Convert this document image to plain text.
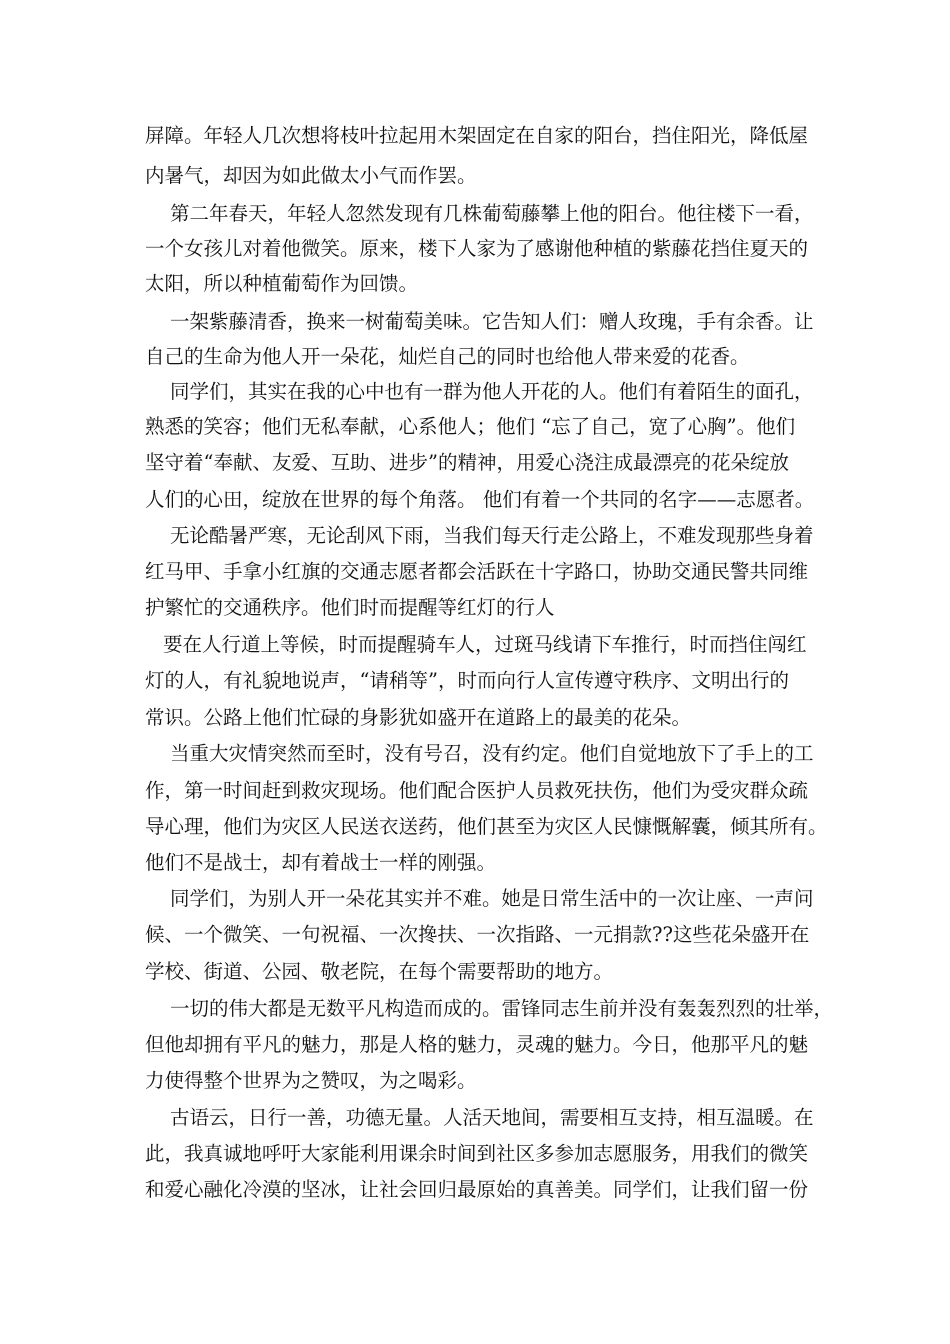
屏障。年轻人几次想将枝叶拉起用木架固定在自家的阳台，挡住阳光，降低屋

内暑气，却因为如此做太小气而作罢。

第二年春天，年轻人忽然发现有几株葡萄藤攀上他的阳台。他往楼下一看，

一个女孩儿对着他微笑。原来，楼下人家为了感谢他种植的紫藤花挡住夏天的

太阳，所以种植葡萄作为回馈。

一架紫藤清香，换来一树葡萄美味。它告知人们：赠人玫瑰，手有余香。让

自己的生命为他人开一朵花，灿烂自己的同时也给他人带来爱的花香。

同学们，其实在我的心中也有一群为他人开花的人。他们有着陌生的面孔，

熟悉的笑容；他们无私奉献，心系他人；他们 “忘了自己，宽了心胸”。他们

坚守着“奉献、友爱、互助、进步”的精神，用爱心浇注成最漂亮的花朵绽放

人们的心田，绽放在世界的每个角落。 他们有着一个共同的名字——志愿者。

无论酷暑严寒，无论刮风下雨，当我们每天行走公路上，不难发现那些身着

红马甲、手拿小红旗的交通志愿者都会活跃在十字路口，协助交通民警共同维

护繁忙的交通秩序。他们时而提醒等红灯的行人

要在人行道上等候，时而提醒骑车人，过斑马线请下车推行，时而挡住闯红

灯的人，有礼貌地说声，“请稍等”，时而向行人宣传遵守秩序、文明出行的

常识。公路上他们忙碌的身影犹如盛开在道路上的最美的花朵。

当重大灾情突然而至时，没有号召，没有约定。他们自觉地放下了手上的工

作，第一时间赶到救灾现场。他们配合医护人员救死扶伤，他们为受灾群众疏

导心理，他们为灾区人民送衣送药，他们甚至为灾区人民慷慨解囊，倾其所有。

他们不是战士，却有着战士一样的刚强。

同学们，为别人开一朵花其实并不难。她是日常生活中的一次让座、一声问

候、一个微笑、一句祝福、一次搀扶、一次指路、一元捐款??这些花朵盛开在

学校、街道、公园、敬老院，在每个需要帮助的地方。

一切的伟大都是无数平凡构造而成的。雷锋同志生前并没有轰轰烈烈的壮举，

但他却拥有平凡的魅力，那是人格的魅力，灵魂的魅力。今日，他那平凡的魅

力使得整个世界为之赞叹，为之喝彩。

古语云，日行一善，功德无量。人活天地间，需要相互支持，相互温暖。在

此，我真诚地呼吁大家能利用课余时间到社区多参加志愿服务，用我们的微笑

和爱心融化冷漠的坚冰，让社会回归最原始的真善美。同学们，让我们留一份
